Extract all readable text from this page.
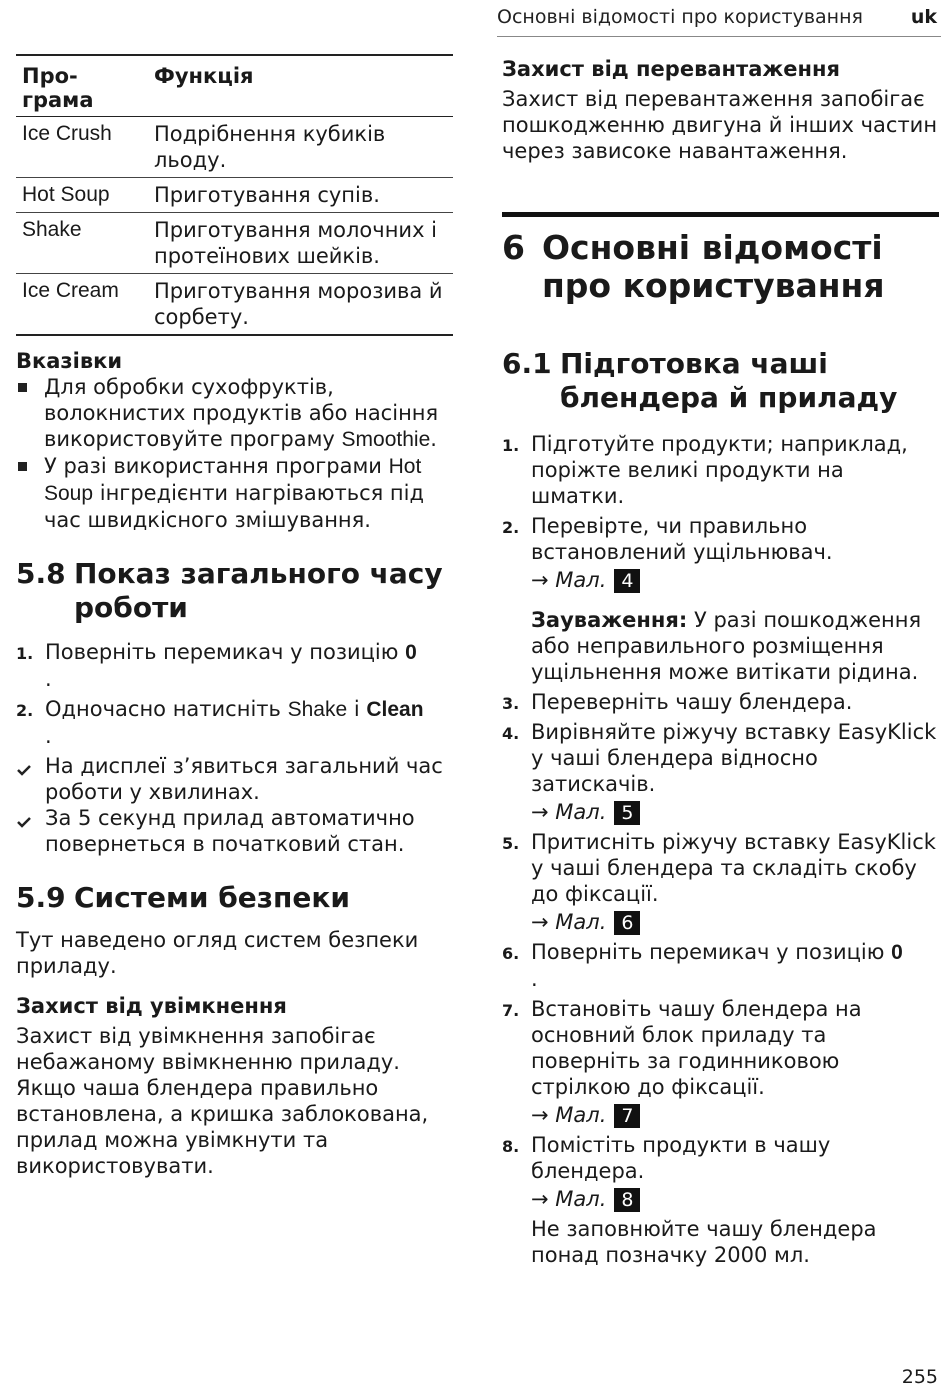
Основні відомості про користування	uk
Про-
грама	Функція
Ice Crush	Подрібнення кубиків льоду.
Hot Soup	Приготування супів.
Shake	Приготування молочних і протеїнових шейків.
Ice Cream	Приготування морозива й сорбету.
Вказівки
Для обробки сухофруктів, волокнистих продуктів або насіння використовуйте програму Smoothie.
У разі використання програми Hot Soup інгредієнти нагріваються під час швидкісного змішування.
5.8 Показ загального часу роботи
1. Поверніть перемикач у позицію 0
.
2. Одночасно натисніть Shake і Clean
.
На дисплеї з’явиться загальний час роботи у хвилинах.
За 5 секунд прилад автоматично повернеться в початковий стан.
5.9 Системи безпеки

Тут наведено огляд систем безпеки приладу.

Захист від увімкнення

Захист від увімкнення запобігає небажаному ввімкненню приладу. Якщо чаша блендера правильно встановлена, а кришка заблокована, прилад можна увімкнути та використовувати.

Захист від перевантаження

Захист від перевантаження запобігає пошкодженню двигуна й інших частин через зависоке навантаження.

6 Основні відомості про користування
6.1 Підготовка чаші блендера й приладу
1. Підготуйте продукти; наприклад, поріжте великі продукти на шматки.
2. Перевірте, чи правильно встановлений ущільнювач.
→ Мал. 4
Зауваження: У разі пошкодження або неправильного розміщення ущільнення може витікати рідина.
3. Переверніть чашу блендера.
4. Вирівняйте ріжучу вставку EasyKlick у чаші блендера відносно затискачів.
→ Мал. 5
5. Притисніть ріжучу вставку EasyKlick у чаші блендера та складіть скобу до фіксації.
→ Мал. 6
6. Поверніть перемикач у позицію 0
.
7. Встановіть чашу блендера на основний блок приладу та поверніть за годинниковою стрілкою до фіксації.
→ Мал. 7
8. Помістіть продукти в чашу блендера.
→ Мал. 8
Не заповнюйте чашу блендера понад позначку 2000 мл.
255
